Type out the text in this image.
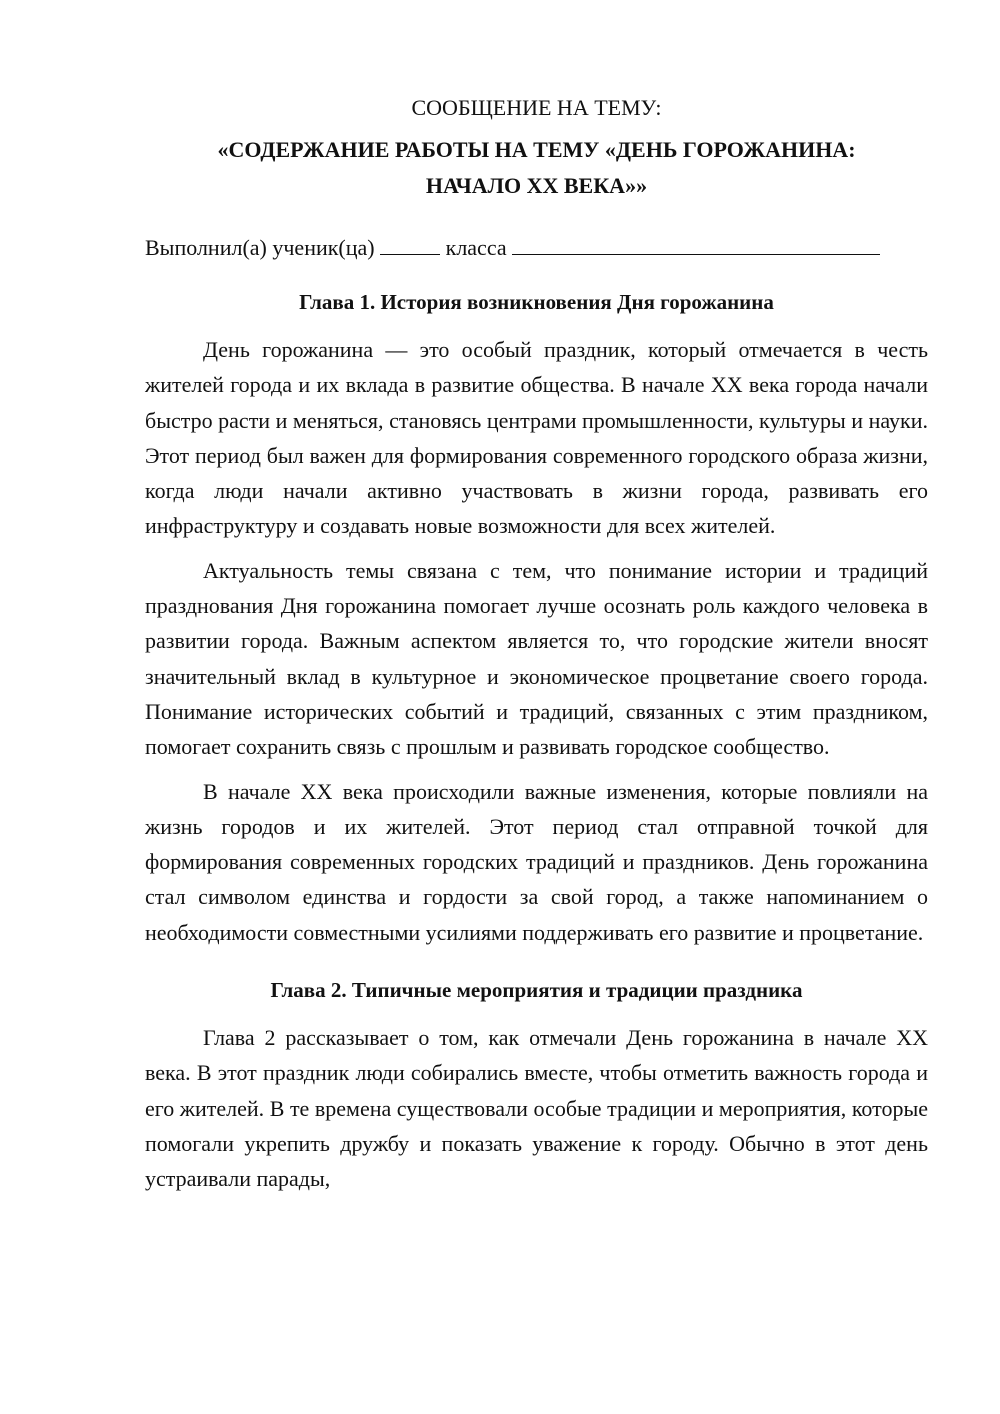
СООБЩЕНИЕ НА ТЕМУ:

«СОДЕРЖАНИЕ РАБОТЫ НА ТЕМУ «ДЕНЬ ГОРОЖАНИНА:
НАЧАЛО XX ВЕКА»»

Выполнил(а) ученик(ца)	класса

Глава 1. История возникновения Дня горожанина

День горожанина — это особый праздник, который отмечается в честь жителей города и их вклада в развитие общества. В начале XX века города начали быстро расти и меняться, становясь центрами промышленности, культуры и науки. Этот период был важен для формирования современного городского образа жизни, когда люди начали активно участвовать в жизни города, развивать его инфраструктуру и создавать новые возможности для всех жителей.

Актуальность темы связана с тем, что понимание истории и традиций празднования Дня горожанина помогает лучше осознать роль каждого человека в развитии города. Важным аспектом является то, что городские жители вносят значительный вклад в культурное и экономическое процветание своего города. Понимание исторических событий и традиций, связанных с этим праздником, помогает сохранить связь с прошлым и развивать городское сообщество.

В начале XX века происходили важные изменения, которые повлияли на жизнь городов и их жителей. Этот период стал отправной точкой для формирования современных городских традиций и праздников. День горожанина стал символом единства и гордости за свой город, а также напоминанием о необходимости совместными усилиями поддерживать его развитие и процветание.

Глава 2. Типичные мероприятия и традиции праздника

Глава 2 рассказывает о том, как отмечали День горожанина в начале XX века. В этот праздник люди собирались вместе, чтобы отметить важность города и его жителей. В те времена существовали особые традиции и мероприятия, которые помогали укрепить дружбу и показать уважение к городу. Обычно в этот день устраивали парады,
